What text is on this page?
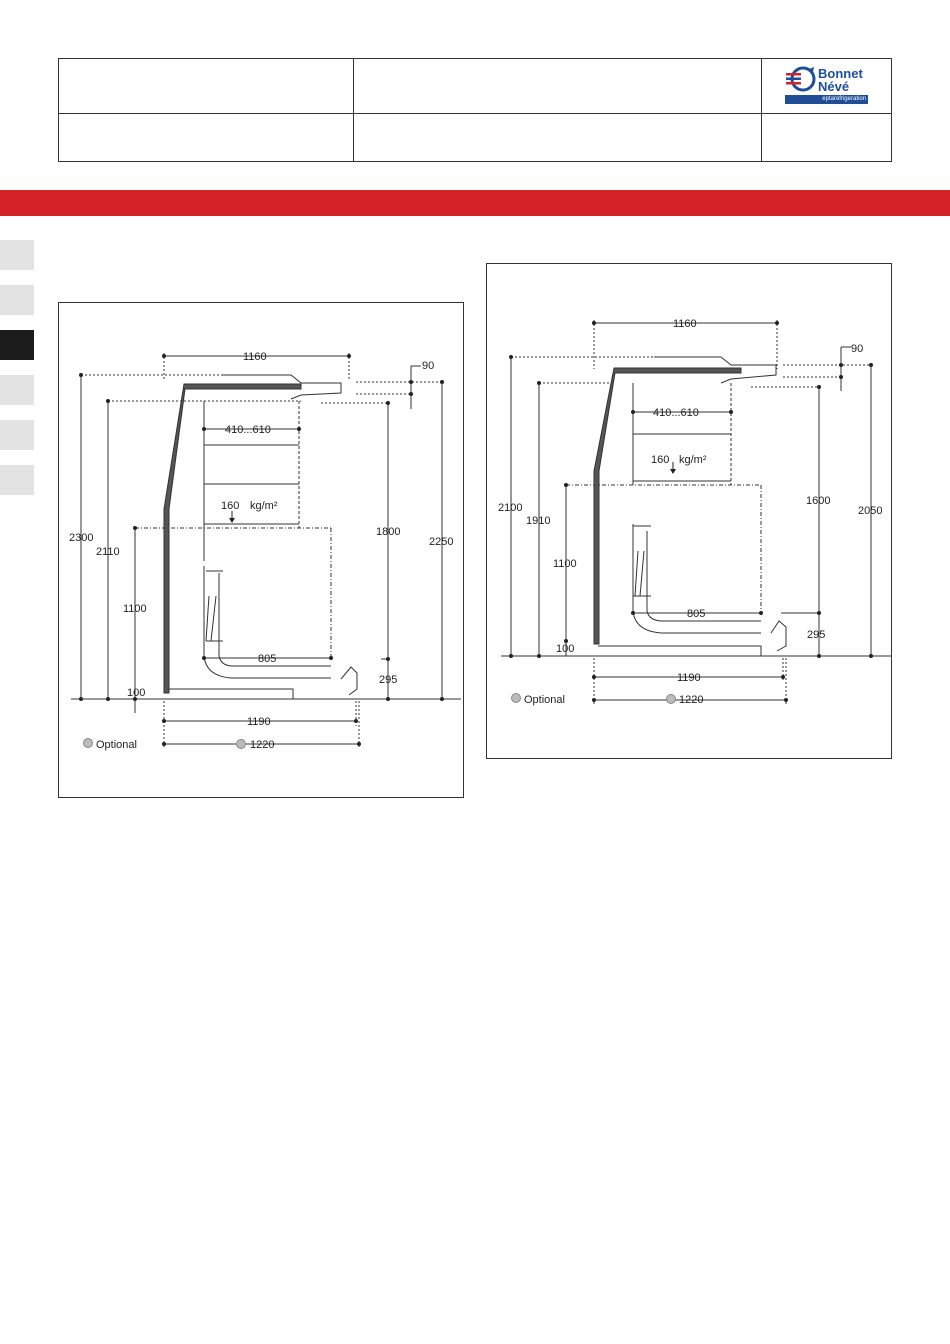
Bonnet
Névé
eptarefrigeration
1160
90
410...610
160 kg/m²
805
2300
2110
1100
100
1800
2250
295
1190
1220
Optional
1160
90
410...610
160 kg/m²
805
2100
1910
1100
100
1600
2050
295
1190
1220
Optional
